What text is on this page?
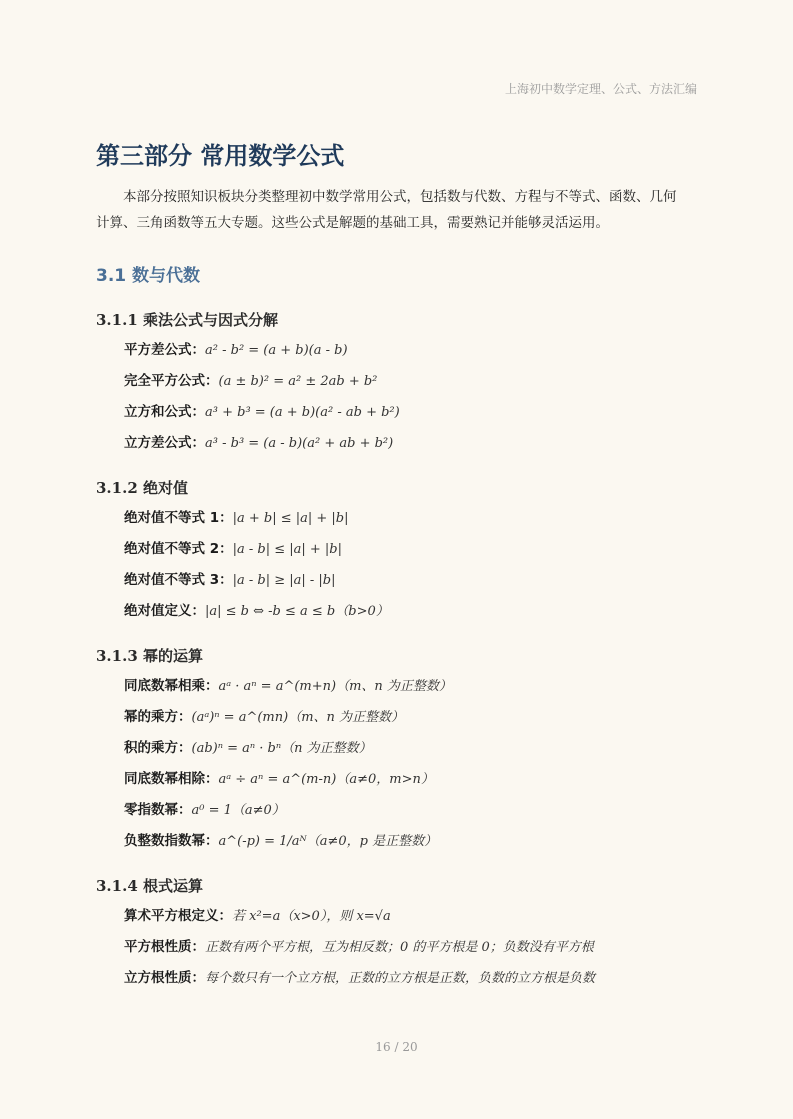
上海初中数学定理、公式、方法汇编
第三部分 常用数学公式

本部分按照知识板块分类整理初中数学常用公式，包括数与代数、方程与不等式、函数、几何计算、三角函数等五大专题。这些公式是解题的基础工具，需要熟记并能够灵活运用。

3.1 数与代数
3.1.1 乘法公式与因式分解
平方差公式：a² - b² = (a + b)(a - b)
完全平方公式：(a ± b)² = a² ± 2ab + b²
立方和公式：a³ + b³ = (a + b)(a² - ab + b²)
立方差公式：a³ - b³ = (a - b)(a² + ab + b²)
3.1.2 绝对值
绝对值不等式 1：|a + b| ≤ |a| + |b|
绝对值不等式 2：|a - b| ≤ |a| + |b|
绝对值不等式 3：|a - b| ≥ |a| - |b|
绝对值定义：|a| ≤ b ⇔ -b ≤ a ≤ b（b>0）
3.1.3 幂的运算
同底数幂相乘：aᵃ · aⁿ = a^(m+n)（m、n 为正整数）
幂的乘方：(aᵃ)ⁿ = a^(mn)（m、n 为正整数）
积的乘方：(ab)ⁿ = aⁿ · bⁿ（n 为正整数）
同底数幂相除：aᵃ ÷ aⁿ = a^(m-n)（a≠0，m>n）
零指数幂：a⁰ = 1（a≠0）
负整数指数幂：a^(-p) = 1/aᴺ（a≠0，p 是正整数）
3.1.4 根式运算
算术平方根定义：若 x²=a（x>0），则 x=√a
平方根性质：正数有两个平方根，互为相反数；0 的平方根是 0；负数没有平方根
立方根性质：每个数只有一个立方根，正数的立方根是正数，负数的立方根是负数
16 / 20
